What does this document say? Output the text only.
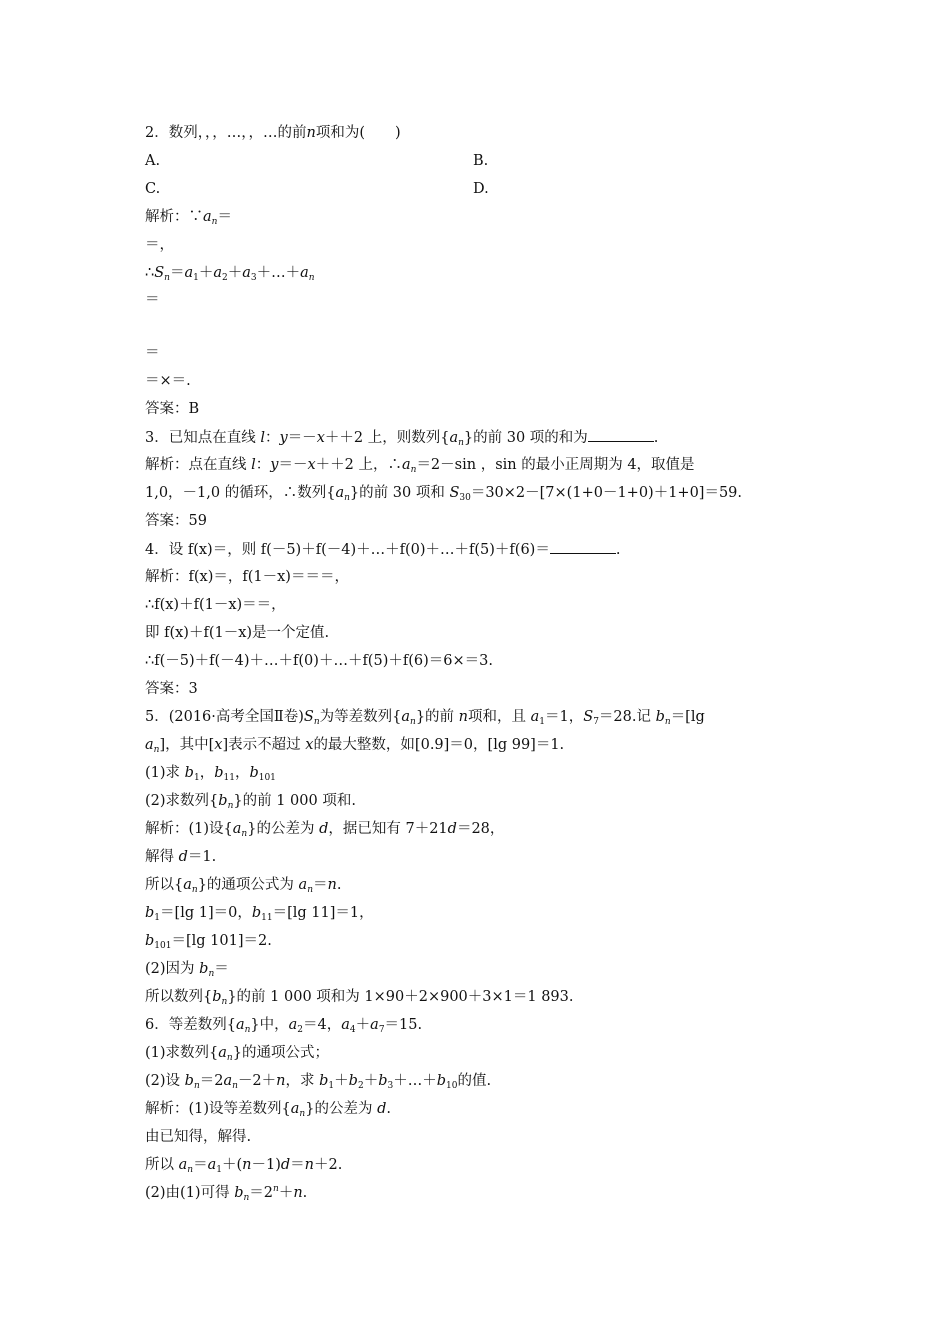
2．数列，，，…，，…的前n项和为( )
A.	B.
C.	D.
解析：$\because a_n=$
＝，
$\therefore S_n=a_1+a_2+a_3+\dots+a_n$
＝
＝
＝×＝.
答案：B
3．已知点在直线 l：y＝－x＋＋2 上，则数列$\{a_n\}$的前 30 项的和为	.
解析：点在直线 l：y＝－x＋＋2 上，$\therefore a_n=2-\sin$ ，sin 的最小正周期为 4，取值是
1,0，－1,0 的循环，∴数列$\{a_n\}$的前 30 项和 $S_{30}=30\times 2-[7\times(1+0-1+0)+1+0]=59$.
答案：59
4．设 f(x)＝，则 f(－5)＋f(－4)＋…＋f(0)＋…＋f(5)＋f(6)＝	.
解析：f(x)＝，f(1－x)＝＝＝，
∴f(x)＋f(1－x)＝＝，
即 f(x)＋f(1－x)是一个定值.
∴f(－5)＋f(－4)＋…＋f(0)＋…＋f(5)＋f(6)＝6×＝3.
答案：3
5．(2016·高考全国Ⅱ卷)$S_n$为等差数列$\{a_n\}$的前 n项和，且 $a_1=1$，$S_7=28$.记 $b_n=[\lg$
$a_n$]，其中[x]表示不超过 x的最大整数，如[0.9]＝0，[lg 99]＝1.
(1)求 $b_1$，$b_{11}$，$b_{101}$
(2)求数列$\{b_n\}$的前 1 000 项和.
解析：(1)设$\{a_n\}$的公差为 d，据已知有 7＋21d＝28，
解得 d＝1.
所以$\{a_n\}$的通项公式为 $a_n=n$.
$b_1=[\lg$ 1]＝0，$b_{11}=[\lg$ 11]＝1，
$b_{101}=[\lg$ 101]＝2.
(2)因为 $b_n=$
所以数列$\{b_n\}$的前 1 000 项和为 1×90＋2×900＋3×1＝1 893.
6．等差数列$\{a_n\}$中，$a_2=4$，$a_4+a_7=15$.
(1)求数列$\{a_n\}$的通项公式；
(2)设 $b_n=2a_n-2+n$，求 $b_1+b_2+b_3+\dots+b_{10}$的值.
解析：(1)设等差数列$\{a_n\}$的公差为 d.
由已知得，解得.
所以 $a_n=a_1+(n-1)d=n+2$.
(2)由(1)可得 $b_n=2^n+n$.
